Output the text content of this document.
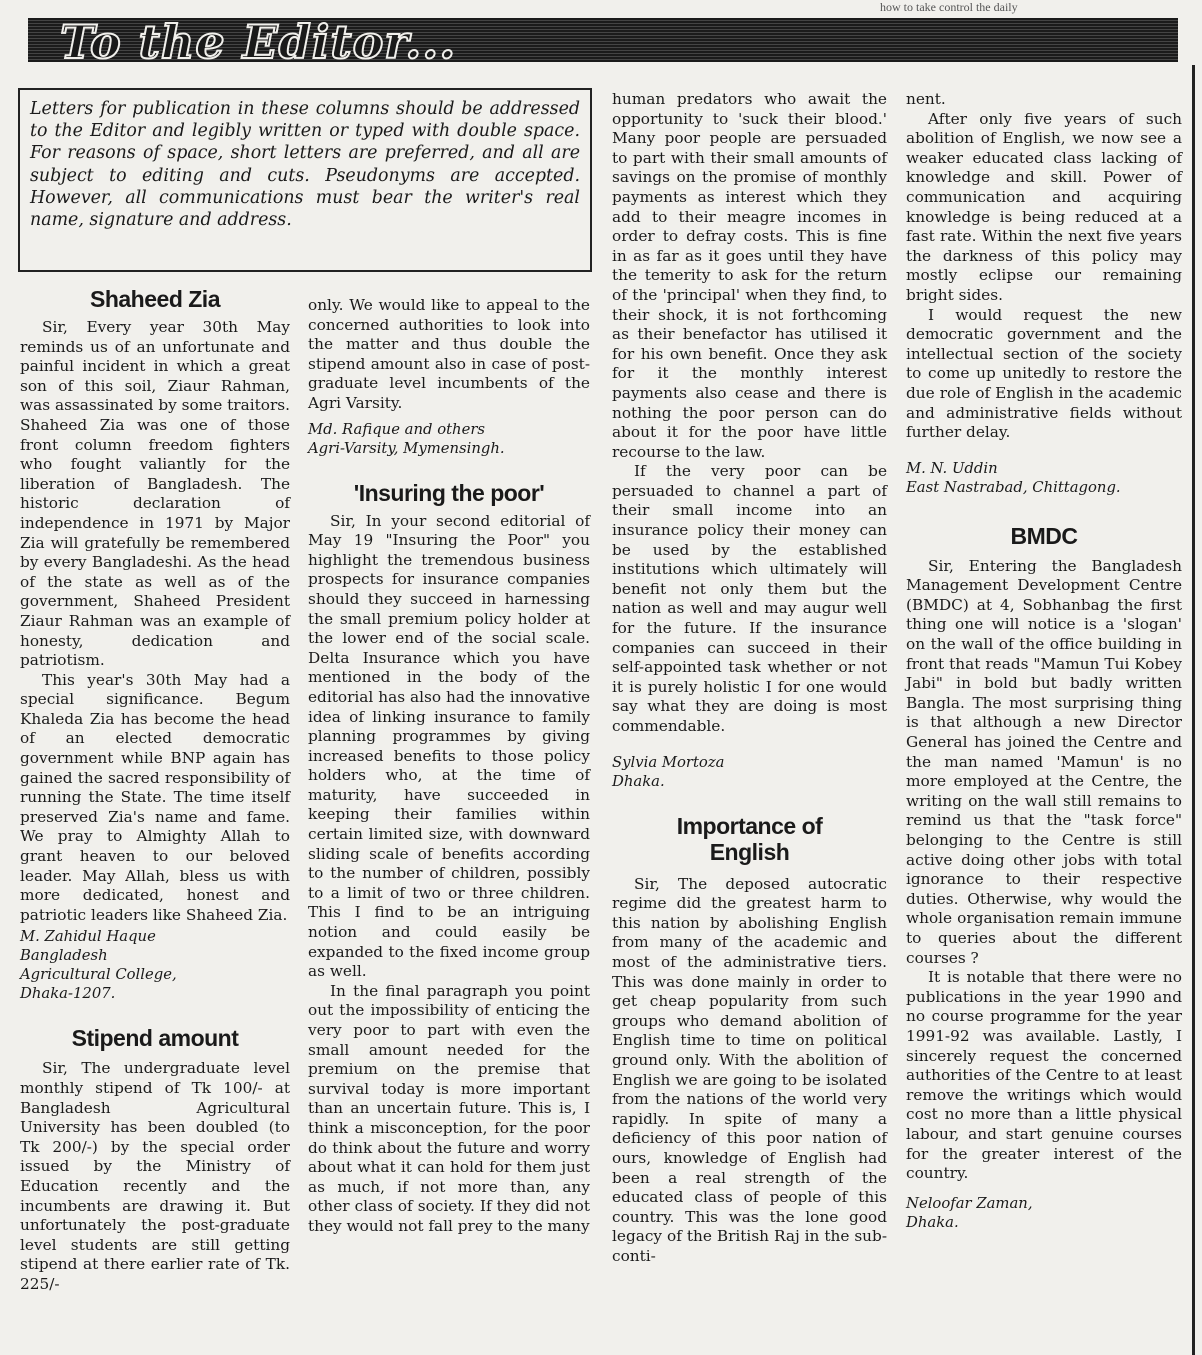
how to take control the daily
To the Editor...

Letters for publication in these columns should be addressed to the Editor and legibly written or typed with double space. For reasons of space, short letters are preferred, and all are subject to editing and cuts. Pseudonyms are accepted. However, all communications must bear the writer's real name, signature and address.

Shaheed Zia

Sir, Every year 30th May reminds us of an unfortunate and painful incident in which a great son of this soil, Ziaur Rahman, was assassinated by some traitors. Shaheed Zia was one of those front column freedom fighters who fought valiantly for the liberation of Bangladesh. The historic declaration of independence in 1971 by Major Zia will gratefully be remembered by every Bangladeshi. As the head of the state as well as of the government, Shaheed President Ziaur Rahman was an example of honesty, dedication and patriotism.

This year's 30th May had a special significance. Begum Khaleda Zia has become the head of an elected democratic government while BNP again has gained the sacred responsibility of running the State. The time itself preserved Zia's name and fame. We pray to Almighty Allah to grant heaven to our beloved leader. May Allah, bless us with more dedicated, honest and patriotic leaders like Shaheed Zia.

M. Zahidul Haque

Bangladesh

Agricultural College,

Dhaka-1207.

Stipend amount

Sir, The undergraduate level monthly stipend of Tk 100/- at Bangladesh Agricultural University has been doubled (to Tk 200/-) by the special order issued by the Ministry of Education recently and the incumbents are drawing it. But unfortunately the post-graduate level students are still getting stipend at there earlier rate of Tk. 225/-

only. We would like to appeal to the concerned authorities to look into the matter and thus double the stipend amount also in case of post-graduate level incumbents of the Agri Varsity.

Md. Rafique and others

Agri-Varsity, Mymensingh.

'Insuring the poor'

Sir, In your second editorial of May 19 "Insuring the Poor" you highlight the tremendous business prospects for insurance companies should they succeed in harnessing the small premium policy holder at the lower end of the social scale. Delta Insurance which you have mentioned in the body of the editorial has also had the innovative idea of linking insurance to family planning programmes by giving increased benefits to those policy holders who, at the time of maturity, have succeeded in keeping their families within certain limited size, with downward sliding scale of benefits according to the number of children, possibly to a limit of two or three children. This I find to be an intriguing notion and could easily be expanded to the fixed income group as well.

In the final paragraph you point out the impossibility of enticing the very poor to part with even the small amount needed for the premium on the premise that survival today is more important than an uncertain future. This is, I think a misconception, for the poor do think about the future and worry about what it can hold for them just as much, if not more than, any other class of society. If they did not they would not fall prey to the many

human predators who await the opportunity to 'suck their blood.' Many poor people are persuaded to part with their small amounts of savings on the promise of monthly payments as interest which they add to their meagre incomes in order to defray costs. This is fine in as far as it goes until they have the temerity to ask for the return of the 'principal' when they find, to their shock, it is not forthcoming as their benefactor has utilised it for his own benefit. Once they ask for it the monthly interest payments also cease and there is nothing the poor person can do about it for the poor have little recourse to the law.

If the very poor can be persuaded to channel a part of their small income into an insurance policy their money can be used by the established institutions which ultimately will benefit not only them but the nation as well and may augur well for the future. If the insurance companies can succeed in their self-appointed task whether or not it is purely holistic I for one would say what they are doing is most commendable.

Sylvia Mortoza

Dhaka.

Importance of English

Sir, The deposed autocratic regime did the greatest harm to this nation by abolishing English from many of the academic and most of the administrative tiers. This was done mainly in order to get cheap popularity from such groups who demand abolition of English time to time on political ground only. With the abolition of English we are going to be isolated from the nations of the world very rapidly. In spite of many a deficiency of this poor nation of ours, knowledge of English had been a real strength of the educated class of people of this country. This was the lone good legacy of the British Raj in the sub-conti-

nent.

After only five years of such abolition of English, we now see a weaker educated class lacking of knowledge and skill. Power of communication and acquiring knowledge is being reduced at a fast rate. Within the next five years the darkness of this policy may mostly eclipse our remaining bright sides.

I would request the new democratic government and the intellectual section of the society to come up unitedly to restore the due role of English in the academic and administrative fields without further delay.

M. N. Uddin

East Nastrabad, Chittagong.

BMDC

Sir, Entering the Bangladesh Management Development Centre (BMDC) at 4, Sobhanbag the first thing one will notice is a 'slogan' on the wall of the office building in front that reads "Mamun Tui Kobey Jabi" in bold but badly written Bangla. The most surprising thing is that although a new Director General has joined the Centre and the man named 'Mamun' is no more employed at the Centre, the writing on the wall still remains to remind us that the "task force" belonging to the Centre is still active doing other jobs with total ignorance to their respective duties. Otherwise, why would the whole organisation remain immune to queries about the different courses ?

It is notable that there were no publications in the year 1990 and no course programme for the year 1991-92 was available. Lastly, I sincerely request the concerned authorities of the Centre to at least remove the writings which would cost no more than a little physical labour, and start genuine courses for the greater interest of the country.

Neloofar Zaman,

Dhaka.
